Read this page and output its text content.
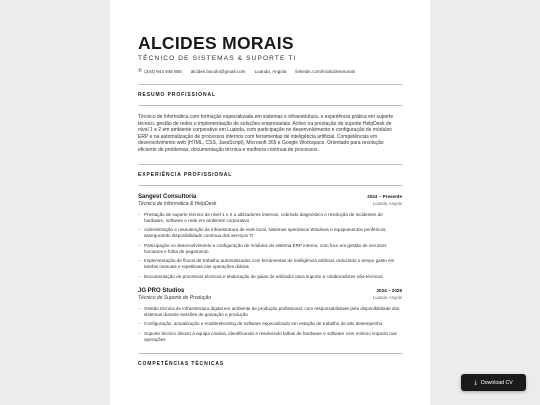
ALCIDES MORAIS
TÉCNICO DE SISTEMAS & SUPORTE TI
✆ (244) 944 948 805 alcides.bocolo@gmail.com Luanda, Angola linkedin.com/in/alcidesmorais
RESUMO PROFISSIONAL
Técnico de Informática com formação especializada em sistemas e infraestrutura, e experiência prática em suporte técnico, gestão de redes e implementação de soluções empresariais. Activo na prestação de suporte HelpDesk de nível 1 e 2 em ambiente corporativo em Luanda, com participação no desenvolvimento e configuração de módulos ERP e na automatização de processos internos com ferramentas de inteligência artificial. Competências em desenvolvimento web (HTML, CSS, JavaScript), Microsoft 365 e Google Workspace. Orientado para resolução eficiente de problemas, documentação técnica e melhoria contínua de processos.
EXPERIÊNCIA PROFISSIONAL
Sangest Consultoria	2024 – Presente
Técnico de Informática & HelpDesk	Luanda, Angola
– Prestação de suporte técnico de nível 1 e 2 a utilizadores internos, cobrindo diagnóstico e resolução de incidentes de hardware, software e rede em ambiente corporativo
– Administração e manutenção de infraestrutura de rede local, sistemas operativos Windows e equipamentos periféricos, assegurando disponibilidade contínua dos serviços TI
– Participação no desenvolvimento e configuração de módulos do sistema ERP interno, com foco em gestão de recursos humanos e folha de pagamento
– Implementação de fluxos de trabalho automatizados com ferramentas de inteligência artificial, reduzindo o tempo gasto em tarefas manuais e repetitivas nas operações diárias
– Documentação de processos técnicos e elaboração de guias de utilizador para suporte a colaboradores não-técnicos
JG PRO Studios	2024 – 2025
Técnico de Suporte de Produção	Luanda, Angola
– Gestão técnica de infraestrutura digital em ambiente de produção profissional, com responsabilidade pela disponibilidade dos sistemas durante sessões de gravação e produção
– Configuração, actualização e troubleshooting de software especializado em estação de trabalho de alto desempenho
– Suporte técnico directo à equipa criativa, identificando e resolvendo falhas de hardware e software com mínimo impacto nas operações
COMPETÊNCIAS TÉCNICAS
⤓ Download CV
